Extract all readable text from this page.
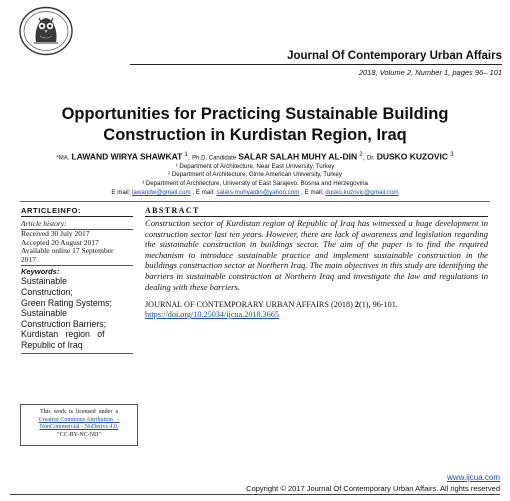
Journal Of Contemporary Urban Affairs
2018, Volume 2, Number 1, pages 96– 101
Opportunities for Practicing Sustainable Building
Construction in Kurdistan Region, Iraq
*MA. LAWAND WIRYA SHAWKAT $^1$, Ph.D. Candidate SALAR SALAH MUHY AL-DIN $^2$, Dr. DUSKO KUZOVIC $^3$
¹ Department of Architecture, Near East University, Turkey
² Department of Architecture, Girne American University, Turkey
³ Department of Architecture, University of East Sarajevo, Bosnia and Herzegovina
E mail: lawandw@gmail.com , E mail: salars.muhyaldin@yahoo.com , E mail: dusko.kuzovic@gmail.com
ARTICLEINFO:
Article history:
Received 30 July 2017
Accepted 20 August 2017
Available online 17 September
2017
Keywords:
Sustainable
Construction;
Green Rating Systems;
Sustainable
Construction Barriers;
Kurdistan   region   of
Republic of Iraq
ABSTRACT
Construction sector of Kurdistan region of Republic of Iraq has witnessed a huge development in construction sector last ten years. However, there are lack of awareness and legislation regarding the sustainable construction in buildings sector. The aim of the paper is to find the required mechanism to introduce sustainable practice and implement sustainable construction in the buildings construction sector at Northern Iraq. The main objectives in this study are identifying the barriers in sustainable construction at Northern Iraq and investigate the law and regulations in dealing with these barriers.
JOURNAL OF CONTEMPORARY URBAN AFFAIRS (2018) 2(1), 96-101.
https://doi.org/10.25034/ijcua.2018.3665
This  work  is  licensed  under  a
Creative Commons Attribution   -
NonCommercial - NoDerivs 4.0.
"CC-BY-NC-ND"
www.ijcua.com
Copyright © 2017 Journal Of Contemporary Urban Affairs. All rights reserved
